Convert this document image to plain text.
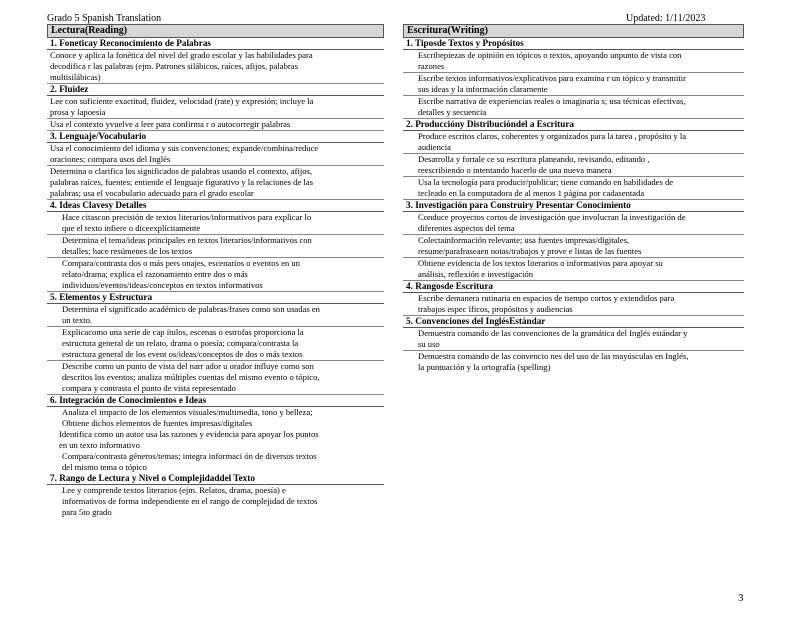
Grado 5 Spanish Translation	Updated: 1/11/2023
Lectura(Reading)
1. Foneticay Reconocimiento de Palabras
Conoce y aplica la fonética del nivel del grado escolar y las habilidades para
decodifica r las palabras (ejm. Patrones silábicos, raíces, afijos, palabras
multisilábicas)
2. Fluidez
Lee con suficiente exactitud, fluidez, velocidad (rate) y expresión; incluye la
prosa y lapoesía
Usa el contexto yvuelve a leer para confirma r o autocorregir palabras
3. Lenguaje/Vocabulario
Usa el conocimiento del idioma y sus convenciones; expande/combina/reduce
oraciones; compara usos del Inglés
Determina o clarifica los significados de palabras usando el contexto, afijos,
palabras raíces, fuentes; entiende el lenguaje figurativo y la relaciones de las
palabras; usa el vocabulario adecuado para el grado escolar
4. Ideas Clavesy Detalles
Hace citascon precisión de textos literarios/informativos para explicar lo
que el texto infiere o diceexplícitamente
Determina el tema/ideas principales en textos literarios/informativos con
detalles; hace resúmenes de los textos
Compara/contrasta dos o más pers onajes, escenarios o eventos en un
relato/drama; explica el razonamiento entre dos o más
individuos/eventos/ideas/conceptos en textos informativos
5. Elementos y Estructura
Determina el significado académico de palabras/frases como son usadas en
un texto.
Explicacomo una serie de cap ítulos, escenas o estrofas proporciona la
estructura general de un relato, drama o poesía; compara/contrasta la
estructura general de los event os/ideas/conceptos de dos o más textos
Describe como un punto de vista del narr ador u orador influye como son
descritos los eventos; analiza múltiples cuentas del mismo evento o tópico,
compara y contrasta el punto de vista representado
6. Integración de Conocimientos e Ideas
Analiza el impacto de los elementos visuales/multimedia, tono y belleza;
Obtiene dichos elementos de fuentes impresas/digitales
Identifica como un autor usa las razones y evidencia para apoyar los puntos
en un texto informativo
Compara/contrasta géneros/temas; integra informaci ón de diversos textos
del mismo tema o tópico
7. Rango de Lectura y Nivel o Complejidaddel Texto
Lee y comprende textos literarios (ejm. Relatos, drama, poesía) e
informativos de forma independiente en el rango de complejidad de textos
para 5to grado
Escritura(Writing)
1. Tiposde Textos y Propósitos
Escribepiezas de opinión en tópicos o textos, apoyando unpunto de vista con
razones
Escribe textos informativos/explicativos para examina r un tópico y transmitir
sus ideas y la información claramente
Escribe narrativa de experiencias reales o imaginaria s; usa técnicas efectivas,
detalles y secuencia
2. Produccióny Distribucióndel a Escritura
Produce escritos claros, coherentes y organizados para la tarea , propósito y la
audiencia
Desarrolla y fortale ce su escritura planeando, revisando, editando ,
reescribiendo o intentando hacerlo de una nueva manera
Usa la tecnología para producir/publicar; tiene comando en habilidades de
tecleado en la computadora de al menos 1 página por cadasentada
3. Investigación para Construiry Presentar Conocimiento
Conduce proyectos cortos de investigación que involucran la investigación de
diferentes aspectos del tema
Colectainformación relevante; usa fuentes impresas/digitales,
resume/parafraseaen notas/trabajos y prove e listas de las fuentes
Obtiene evidencia de los textos literarios o informativos para apoyar su
análisis, reflexión e investigación
4. Rangosde Escritura
Escribe demanera rutinaria en espacios de tiempo cortos y extendidos para
trabajos espec íficos, propósitos y audiencias
5. Convenciones del InglésEstándar
Demuestra comando de las convenciones de la gramática del Inglés estándar y
su uso
Demuestra comando de las convencio nes del uso de las mayúsculas en Inglés,
la puntuación y la ortografía (spelling)
3
